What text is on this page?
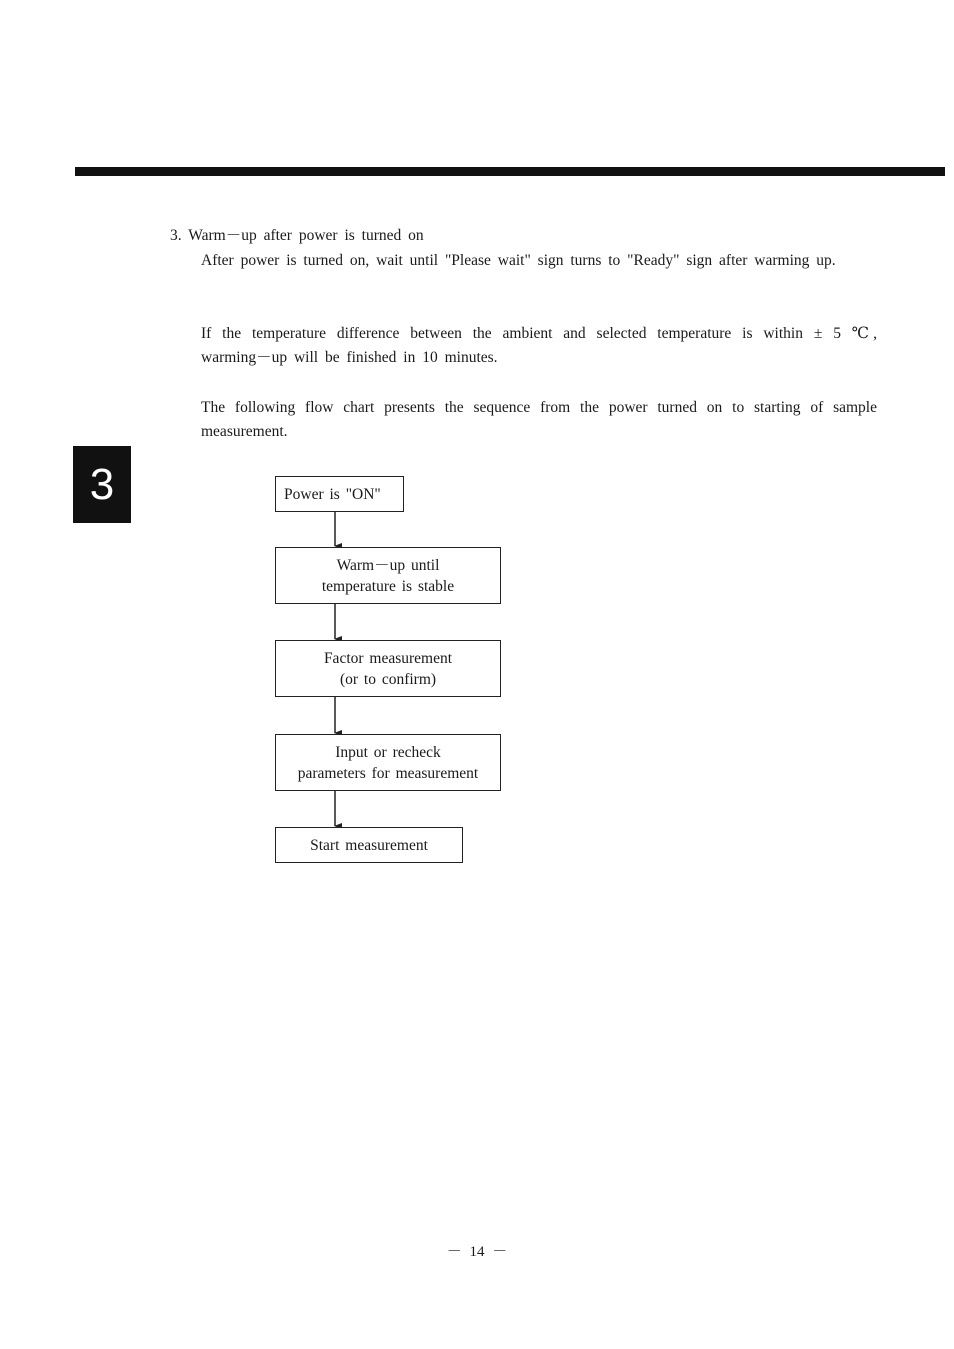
3
3. Warm－up after power is turned on
After power is turned on, wait until "Please wait" sign turns to "Ready" sign after warming up.
If the temperature difference between the ambient and selected temperature is within ± 5 ℃, warming－up will be finished in 10 minutes.
The following flow chart presents the sequence from the power turned on to starting of sample measurement.
Power is "ON"
Warm－up until
temperature is stable
Factor measurement
(or to confirm)
Input or recheck
parameters for measurement
Start measurement
－ 14 －
